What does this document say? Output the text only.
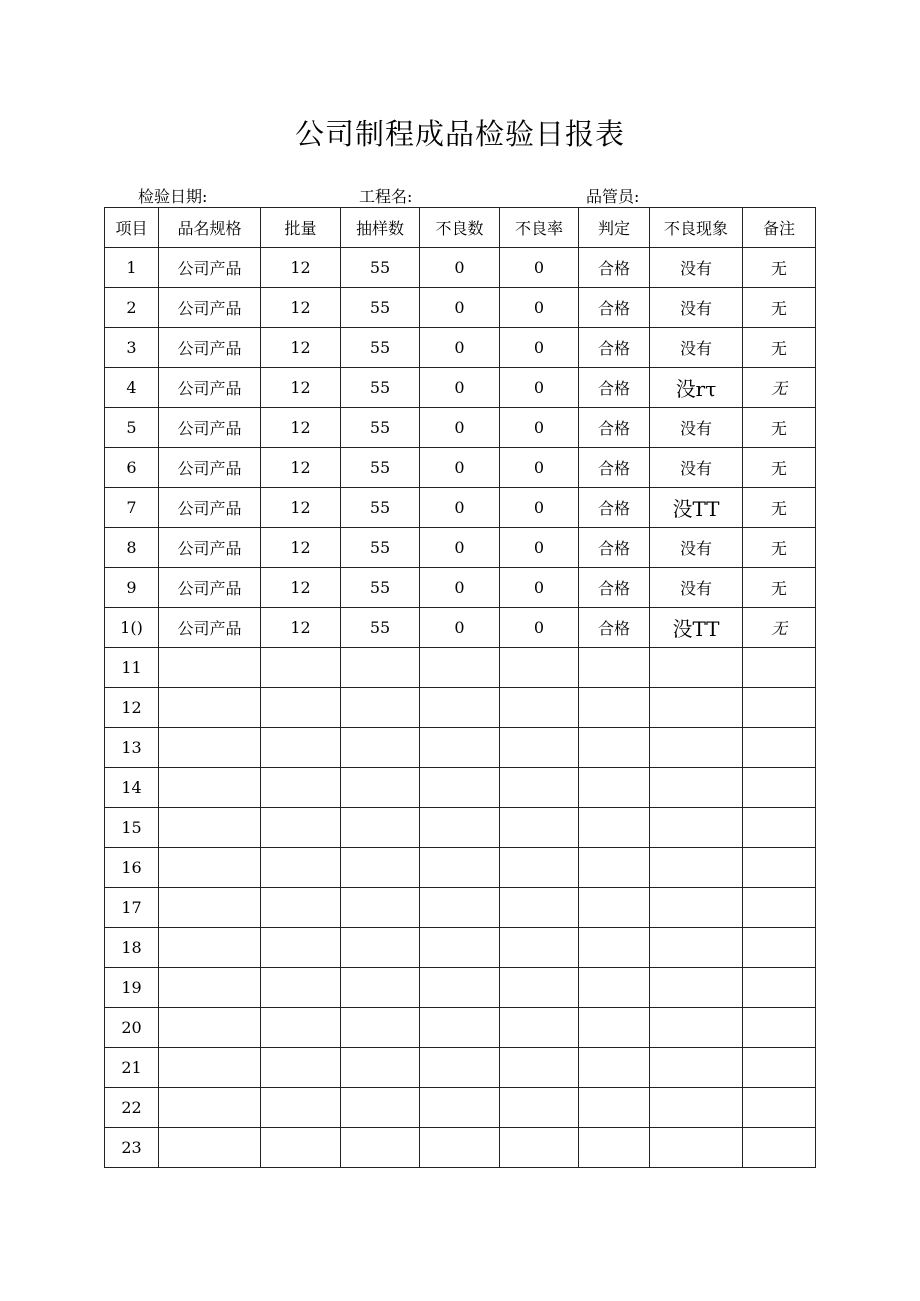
公司制程成品检验日报表
检验日期:	工程名:	品管员:
项目	品名规格	批量	抽样数	不良数	不良率	判定	不良现象	备注
1	公司产品	12	55	0	0	合格	没有	无
2	公司产品	12	55	0	0	合格	没有	无
3	公司产品	12	55	0	0	合格	没有	无
4	公司产品	12	55	0	0	合格	没rτ	无
5	公司产品	12	55	0	0	合格	没有	无
6	公司产品	12	55	0	0	合格	没有	无
7	公司产品	12	55	0	0	合格	没TT	无
8	公司产品	12	55	0	0	合格	没有	无
9	公司产品	12	55	0	0	合格	没有	无
1()	公司产品	12	55	0	0	合格	没TT	无
11								
12								
13								
14								
15								
16								
17								
18								
19								
20								
21								
22								
23								
